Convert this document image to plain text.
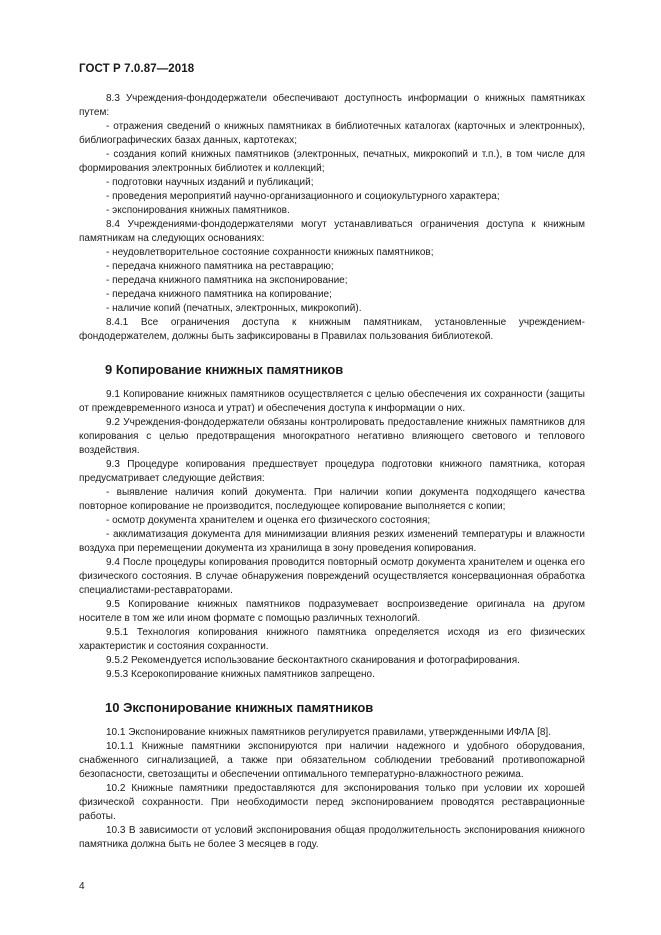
ГОСТ Р 7.0.87—2018

8.3 Учреждения-фондодержатели обеспечивают доступность информации о книжных памятниках путем:

- отражения сведений о книжных памятниках в библиотечных каталогах (карточных и электронных), библиографических базах данных, картотеках;

- создания копий книжных памятников (электронных, печатных, микрокопий и т.п.), в том числе для формирования электронных библиотек и коллекций;

- подготовки научных изданий и публикаций;

- проведения мероприятий научно-организационного и социокультурного характера;

- экспонирования книжных памятников.

8.4 Учреждениями-фондодержателями могут устанавливаться ограничения доступа к книжным памятникам на следующих основаниях:

- неудовлетворительное состояние сохранности книжных памятников;

- передача книжного памятника на реставрацию;

- передача книжного памятника на экспонирование;

- передача книжного памятника на копирование;

- наличие копий (печатных, электронных, микрокопий).

8.4.1 Все ограничения доступа к книжным памятникам, установленные учреждением-фондодержателем, должны быть зафиксированы в Правилах пользования библиотекой.

9 Копирование книжных памятников

9.1 Копирование книжных памятников осуществляется с целью обеспечения их сохранности (защиты от преждевременного износа и утрат) и обеспечения доступа к информации о них.

9.2 Учреждения-фондодержатели обязаны контролировать предоставление книжных памятников для копирования с целью предотвращения многократного негативно влияющего светового и теплового воздействия.

9.3 Процедуре копирования предшествует процедура подготовки книжного памятника, которая предусматривает следующие действия:

- выявление наличия копий документа. При наличии копии документа подходящего качества повторное копирование не производится, последующее копирование выполняется с копии;

- осмотр документа хранителем и оценка его физического состояния;

- акклиматизация документа для минимизации влияния резких изменений температуры и влажности воздуха при перемещении документа из хранилища в зону проведения копирования.

9.4 После процедуры копирования проводится повторный осмотр документа хранителем и оценка его физического состояния. В случае обнаружения повреждений осуществляется консервационная обработка специалистами-реставраторами.

9.5 Копирование книжных памятников подразумевает воспроизведение оригинала на другом носителе в том же или ином формате с помощью различных технологий.

9.5.1 Технология копирования книжного памятника определяется исходя из его физических характеристик и состояния сохранности.

9.5.2 Рекомендуется использование бесконтактного сканирования и фотографирования.

9.5.3 Ксерокопирование книжных памятников запрещено.

10 Экспонирование книжных памятников

10.1 Экспонирование книжных памятников регулируется правилами, утвержденными ИФЛА [8].

10.1.1 Книжные памятники экспонируются при наличии надежного и удобного оборудования, снабженного сигнализацией, а также при обязательном соблюдении требований противопожарной безопасности, светозащиты и обеспечении оптимального температурно-влажностного режима.

10.2 Книжные памятники предоставляются для экспонирования только при условии их хорошей физической сохранности. При необходимости перед экспонированием проводятся реставрационные работы.

10.3 В зависимости от условий экспонирования общая продолжительность экспонирования книжного памятника должна быть не более 3 месяцев в году.

4
